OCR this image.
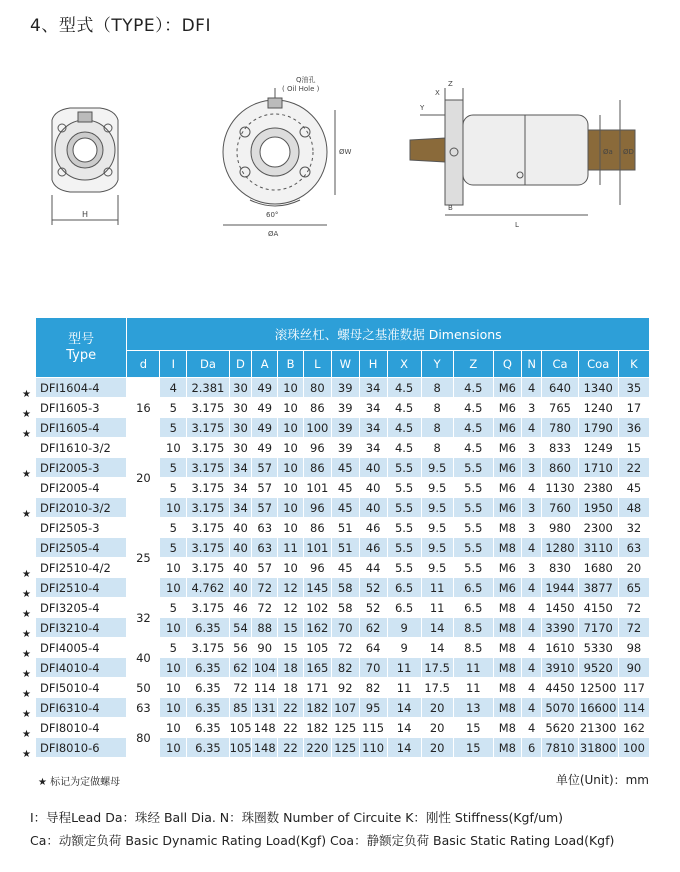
4、型式（TYPE）：DFI
H
Q油孔
( Oil Hole )
60°
ØA
ØW
Z
Y
X
B
L
Øa ØD
★
★
★
★
★
★
★
★
★
★
★
★
★
★
★
型号
Type	滚珠丝杠、螺母之基准数据 Dimensions																
	d	I	Da	D	A	B	L	W	H	X	Y	Z	Q	N	Ca	Coa	K
DFI1604-4	16	4	2.381	30	49	10	80	39	34	4.5	8	4.5	M6	4	640	1340	35
DFI1605-3		5	3.175	30	49	10	86	39	34	4.5	8	4.5	M6	3	765	1240	17
DFI1605-4		5	3.175	30	49	10	100	39	34	4.5	8	4.5	M6	4	780	1790	36
DFI1610-3/2	20	10	3.175	30	49	10	96	39	34	4.5	8	4.5	M6	3	833	1249	15
DFI2005-3		5	3.175	34	57	10	86	45	40	5.5	9.5	5.5	M6	3	860	1710	22
DFI2005-4		5	3.175	34	57	10	101	45	40	5.5	9.5	5.5	M6	4	1130	2380	45
DFI2010-3/2		10	3.175	34	57	10	96	45	40	5.5	9.5	5.5	M6	3	760	1950	48
DFI2505-3	25	5	3.175	40	63	10	86	51	46	5.5	9.5	5.5	M8	3	980	2300	32
DFI2505-4		5	3.175	40	63	11	101	51	46	5.5	9.5	5.5	M8	4	1280	3110	63
DFI2510-4/2		10	3.175	40	57	10	96	45	44	5.5	9.5	5.5	M6	3	830	1680	20
DFI2510-4		10	4.762	40	72	12	145	58	52	6.5	11	6.5	M6	4	1944	3877	65
DFI3205-4	32	5	3.175	46	72	12	102	58	52	6.5	11	6.5	M8	4	1450	4150	72
DFI3210-4		10	6.35	54	88	15	162	70	62	9	14	8.5	M8	4	3390	7170	72
DFI4005-4	40	5	3.175	56	90	15	105	72	64	9	14	8.5	M8	4	1610	5330	98
DFI4010-4		10	6.35	62	104	18	165	82	70	11	17.5	11	M8	4	3910	9520	90
DFI5010-4	50	10	6.35	72	114	18	171	92	82	11	17.5	11	M8	4	4450	12500	117
DFI6310-4	63	10	6.35	85	131	22	182	107	95	14	20	13	M8	4	5070	16600	114
DFI8010-4	80	10	6.35	105	148	22	182	125	115	14	20	15	M8	4	5620	21300	162
DFI8010-6		10	6.35	105	148	22	220	125	110	14	20	15	M8	6	7810	31800	100
★ 标记为定做螺母	单位(Unit)：mm
I：导程Lead Da：珠经 Ball Dia. N：珠圈数 Number of Circuite K：刚性 Stiffness(Kgf/um)
Ca：动额定负荷 Basic Dynamic Rating Load(Kgf) Coa：静额定负荷 Basic Static Rating Load(Kgf)
